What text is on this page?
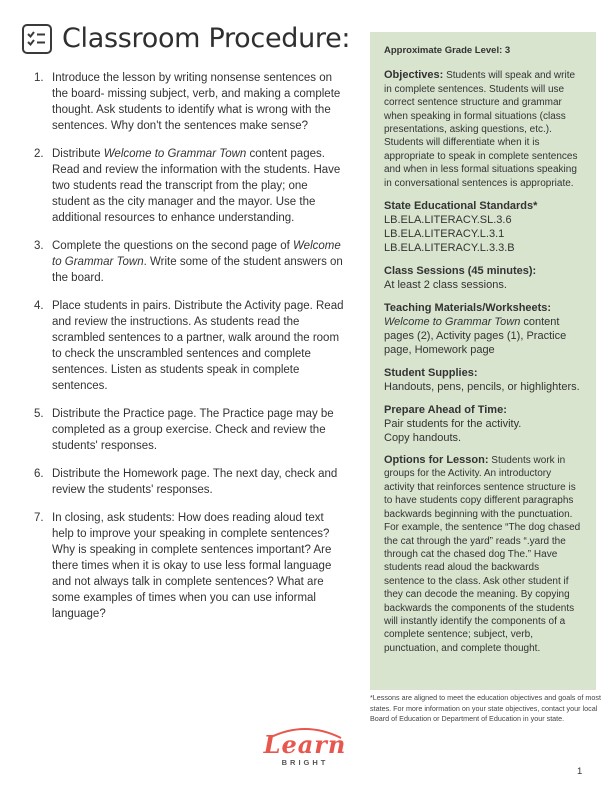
Classroom Procedure:
1. Introduce the lesson by writing nonsense sentences on the board- missing subject, verb, and making a complete thought. Ask students to identify what is wrong with the sentences. Why don't the sentences make sense?
2. Distribute Welcome to Grammar Town content pages. Read and review the information with the students. Have two students read the transcript from the play; one student as the city manager and the mayor. Use the additional resources to enhance understanding.
3. Complete the questions on the second page of Welcome to Grammar Town. Write some of the student answers on the board.
4. Place students in pairs. Distribute the Activity page. Read and review the instructions. As students read the scrambled sentences to a partner, walk around the room to check the unscrambled sentences and complete sentences. Listen as students speak in complete sentences.
5. Distribute the Practice page. The Practice page may be completed as a group exercise. Check and review the students' responses.
6. Distribute the Homework page. The next day, check and review the students' responses.
7. In closing, ask students: How does reading aloud text help to improve your speaking in complete sentences? Why is speaking in complete sentences important? Are there times when it is okay to use less formal language and not always talk in complete sentences? What are some examples of times when you can use informal language?
Approximate Grade Level: 3
Objectives: Students will speak and write in complete sentences. Students will use correct sentence structure and grammar when speaking in formal situations (class presentations, asking questions, etc.). Students will differentiate when it is appropriate to speak in complete sentences and when in less formal situations speaking in conversational sentences is appropriate.
State Educational Standards*
LB.ELA.LITERACY.SL.3.6
LB.ELA.LITERACY.L.3.1
LB.ELA.LITERACY.L.3.3.B
Class Sessions (45 minutes):
At least 2 class sessions.
Teaching Materials/Worksheets:
Welcome to Grammar Town content pages (2), Activity pages (1), Practice page, Homework page
Student Supplies:
Handouts, pens, pencils, or highlighters.
Prepare Ahead of Time:
Pair students for the activity.
Copy handouts.
Options for Lesson: Students work in groups for the Activity. An introductory activity that reinforces sentence structure is to have students copy different paragraphs backwards beginning with the punctuation. For example, the sentence “The dog chased the cat through the yard” reads “.yard the through cat the chased dog The.” Have students read aloud the backwards sentence to the class. Ask other student if they can decode the meaning. By copying backwards the components of the students will instantly identify the components of a complete sentence; subject, verb, punctuation, and complete thought.
*Lessons are aligned to meet the education objectives and goals of most states. For more information on your state objectives, contact your local Board of Education or Department of Education in your state.
Learn
BRIGHT
1
